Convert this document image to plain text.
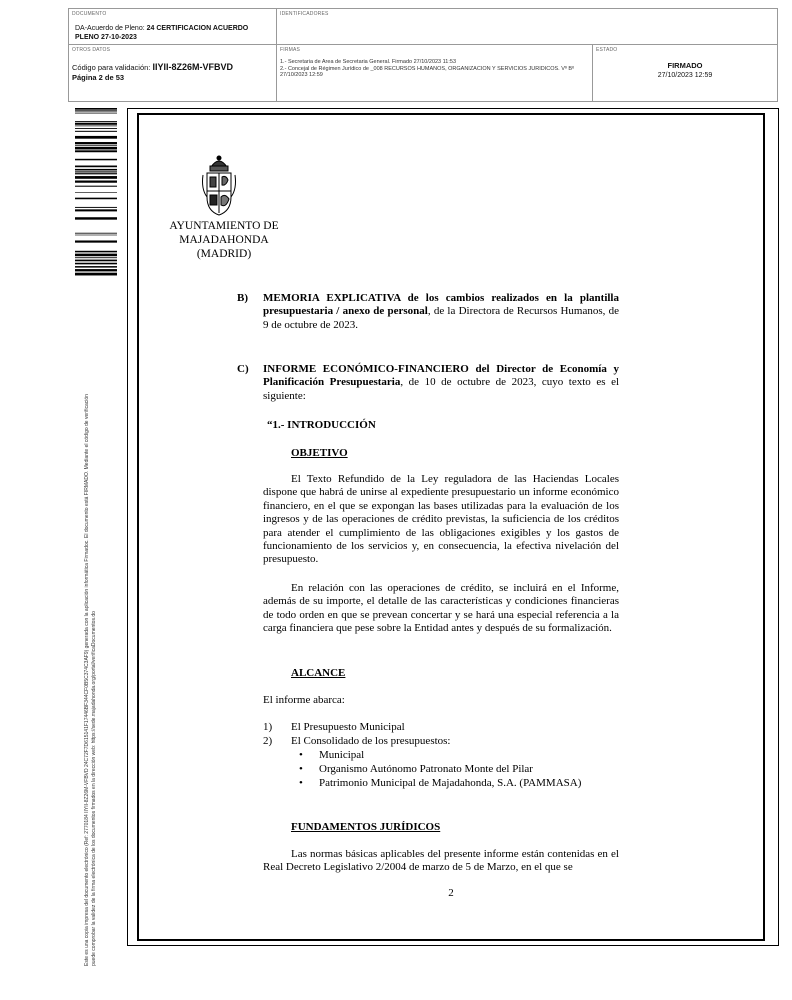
DOCUMENTO
DA-Acuerdo de Pleno: 24 CERTIFICACION ACUERDO
PLENO 27-10-2023
IDENTIFICADORES
OTROS DATOS
Código para validación: IIYII-8Z26M-VFBVD
Página 2 de 53
FIRMAS
1.- Secretaria de Area de Secretaria General. Firmado 27/10/2023 11:53
2.- Concejal de Régimen Jurídico de _008 RECURSOS HUMANOS, ORGANIZACIÓN Y SERVICIOS JURIDICOS. Vº Bº
27/10/2023 12:59
ESTADO
FIRMADO
27/10/2023 12:59
Este es una copia impresa del documento electrónico (Ref: 2770184 IIYII-8Z26M-VFBVD 24C72F7D615141F17446BF344CF0B5C374C3AF9) generada con la aplicación informática Firmadoc. El documento está FIRMADO. Mediante el código de verificación puede comprobar la validez de la firma electrónica de los documentos firmados en la dirección web: https://sede.majadahonda.org/portal/verificaDocumentos.do
AYUNTAMIENTO DE
MAJADAHONDA
(MADRID)
B) MEMORIA EXPLICATIVA de los cambios realizados en la plantilla presupuestaria / anexo de personal, de la Directora de Recursos Humanos, de 9 de octubre de 2023.
C) INFORME ECONÓMICO-FINANCIERO del Director de Economía y Planificación Presupuestaria, de 10 de octubre de 2023, cuyo texto es el siguiente:
“1.- INTRODUCCIÓN
OBJETIVO
El Texto Refundido de la Ley reguladora de las Haciendas Locales dispone que habrá de unirse al expediente presupuestario un informe económico financiero, en el que se expongan las bases utilizadas para la evaluación de los ingresos y de las operaciones de crédito previstas, la suficiencia de los créditos para atender el cumplimiento de las obligaciones exigibles y los gastos de funcionamiento de los servicios y, en consecuencia, la efectiva nivelación del presupuesto.
En relación con las operaciones de crédito, se incluirá en el Informe, además de su importe, el detalle de las características y condiciones financieras de todo orden en que se prevean concertar y se hará una especial referencia a la carga financiera que pese sobre la Entidad antes y después de su formalización.
ALCANCE
El informe abarca:
1) El Presupuesto Municipal
2) El Consolidado de los presupuestos:
• Municipal
• Organismo Autónomo Patronato Monte del Pilar
• Patrimonio Municipal de Majadahonda, S.A. (PAMMASA)
FUNDAMENTOS JURÍDICOS
Las normas básicas aplicables del presente informe están contenidas en el Real Decreto Legislativo 2/2004 de marzo de 5 de Marzo, en el que se
2
